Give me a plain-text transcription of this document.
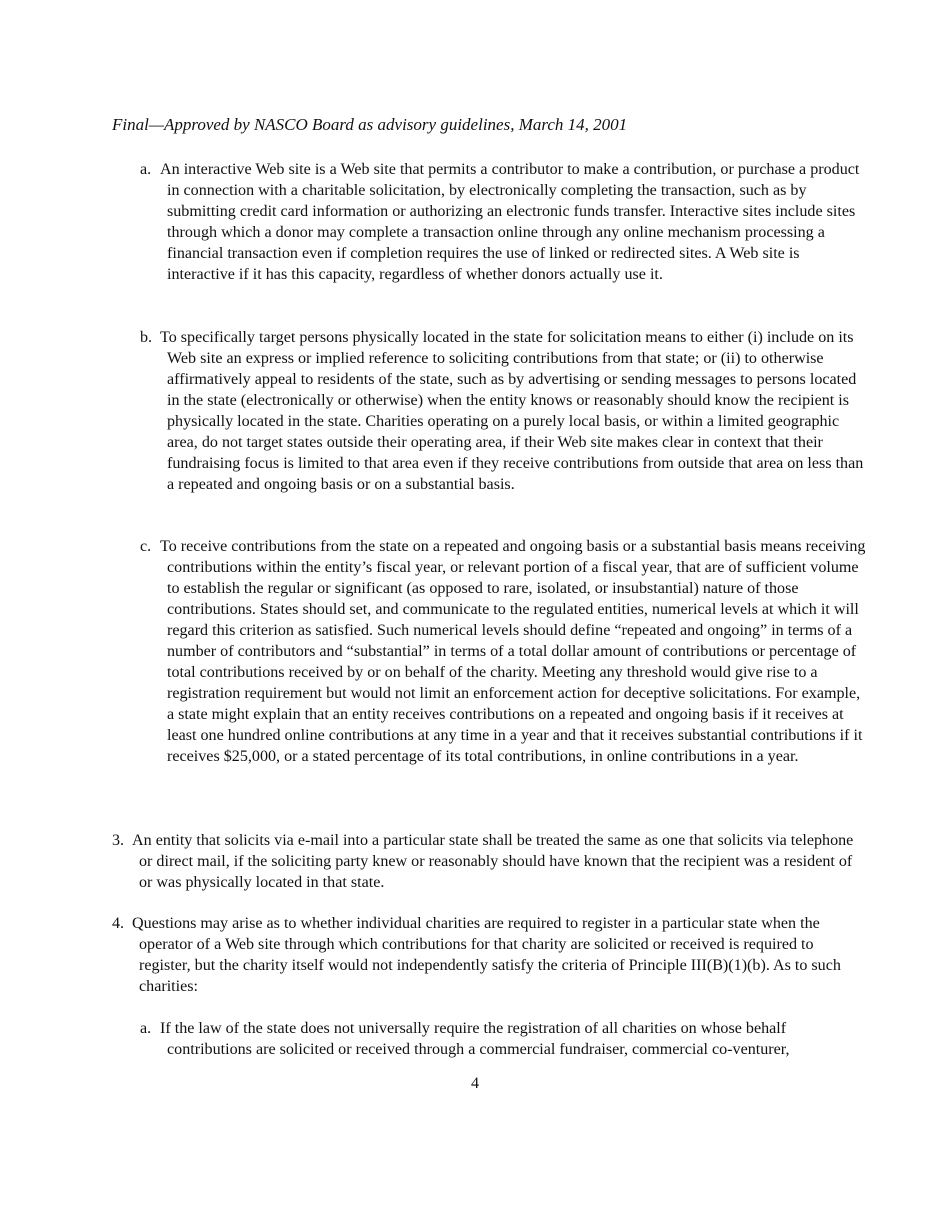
Final—Approved by NASCO Board as advisory guidelines, March 14, 2001

a. An interactive Web site is a Web site that permits a contributor to make a contribution, or purchase a product in connection with a charitable solicitation, by electronically completing the transaction, such as by submitting credit card information or authorizing an electronic funds transfer. Interactive sites include sites through which a donor may complete a transaction online through any online mechanism processing a financial transaction even if completion requires the use of linked or redirected sites. A Web site is interactive if it has this capacity, regardless of whether donors actually use it.

b. To specifically target persons physically located in the state for solicitation means to either (i) include on its Web site an express or implied reference to soliciting contributions from that state; or (ii) to otherwise affirmatively appeal to residents of the state, such as by advertising or sending messages to persons located in the state (electronically or otherwise) when the entity knows or reasonably should know the recipient is physically located in the state. Charities operating on a purely local basis, or within a limited geographic area, do not target states outside their operating area, if their Web site makes clear in context that their fundraising focus is limited to that area even if they receive contributions from outside that area on less than a repeated and ongoing basis or on a substantial basis.

c. To receive contributions from the state on a repeated and ongoing basis or a substantial basis means receiving contributions within the entity’s fiscal year, or relevant portion of a fiscal year, that are of sufficient volume to establish the regular or significant (as opposed to rare, isolated, or insubstantial) nature of those contributions. States should set, and communicate to the regulated entities, numerical levels at which it will regard this criterion as satisfied. Such numerical levels should define “repeated and ongoing” in terms of a number of contributors and “substantial” in terms of a total dollar amount of contributions or percentage of total contributions received by or on behalf of the charity. Meeting any threshold would give rise to a registration requirement but would not limit an enforcement action for deceptive solicitations. For example, a state might explain that an entity receives contributions on a repeated and ongoing basis if it receives at least one hundred online contributions at any time in a year and that it receives substantial contributions if it receives $25,000, or a stated percentage of its total contributions, in online contributions in a year.

3. An entity that solicits via e-mail into a particular state shall be treated the same as one that solicits via telephone or direct mail, if the soliciting party knew or reasonably should have known that the recipient was a resident of or was physically located in that state.

4. Questions may arise as to whether individual charities are required to register in a particular state when the operator of a Web site through which contributions for that charity are solicited or received is required to register, but the charity itself would not independently satisfy the criteria of Principle III(B)(1)(b). As to such charities:

a. If the law of the state does not universally require the registration of all charities on whose behalf contributions are solicited or received through a commercial fundraiser, commercial co-venturer,

4
